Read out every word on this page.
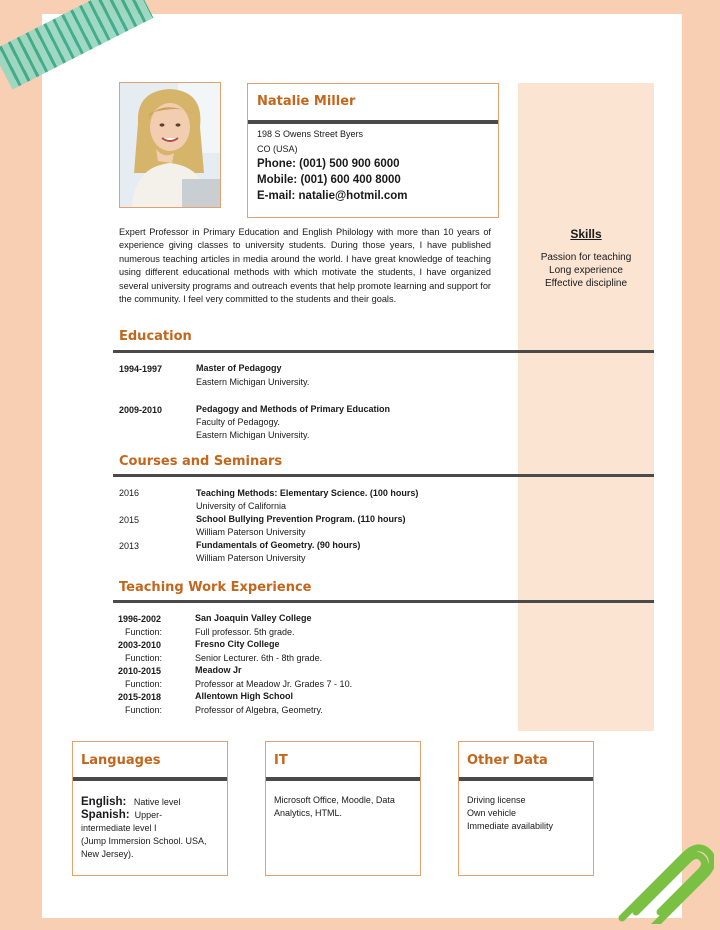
Skills
Passion for teaching
Long experience
Effective discipline
Natalie Miller
198 S Owens Street Byers
CO (USA)
Phone: (001) 500 900 6000
Mobile: (001) 600 400 8000
E-mail: natalie@hotmil.com
Expert Professor in Primary Education and English Philology with more than 10 years of experience giving classes to university students. During those years, I have published numerous teaching articles in media around the world. I have great knowledge of teaching using different educational methods with which motivate the students, I have organized several university programs and outreach events that help promote learning and support for the community. I feel very committed to the students and their goals.
Education
1994-1997	Master of Pedagogy
Eastern Michigan University.
2009-2010	Pedagogy and Methods of Primary Education
Faculty of Pedagogy.
Eastern Michigan University.
Courses and Seminars
2016	Teaching Methods: Elementary Science. (100 hours)
University of California
2015	School Bullying Prevention Program. (110 hours)
William Paterson University
2013	Fundamentals of Geometry. (90 hours)
William Paterson University
Teaching Work Experience
1996-2002	San Joaquin Valley College
Function:	Full professor. 5th grade.
2003-2010	Fresno City College
Function:	Senior Lecturer. 6th - 8th grade.
2010-2015	Meadow Jr
Function:	Professor at Meadow Jr. Grades 7 - 10.
2015-2018	Allentown High School
Function:	Professor of Algebra, Geometry.
Languages
English: Native level
Spanish: Upper-
intermediate level I
(Jump Immersion School. USA,
New Jersey).
IT
Microsoft Office, Moodle, Data
Analytics, HTML.
Other Data
Driving license
Own vehicle
Immediate availability
